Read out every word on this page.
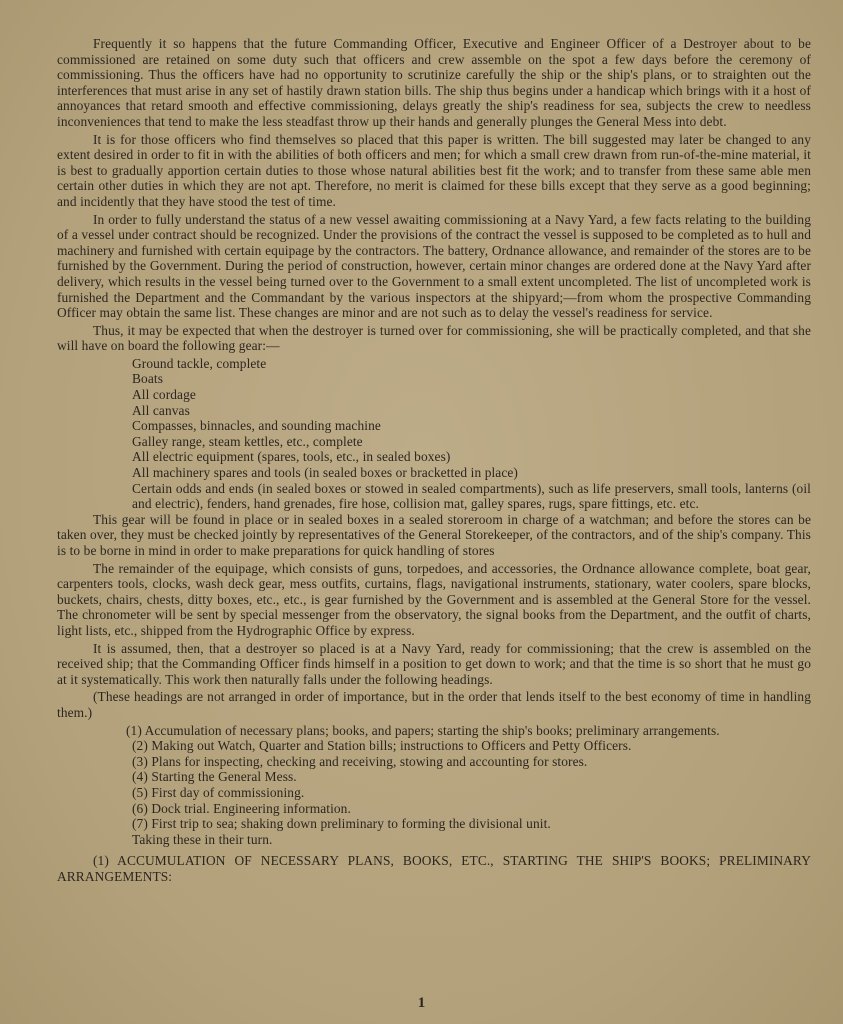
Frequently it so happens that the future Commanding Officer, Executive and Engineer Officer of a Destroyer about to be commissioned are retained on some duty such that officers and crew assemble on the spot a few days before the ceremony of commissioning. Thus the officers have had no opportunity to scrutinize carefully the ship or the ship's plans, or to straighten out the interferences that must arise in any set of hastily drawn station bills. The ship thus begins under a handicap which brings with it a host of annoyances that retard smooth and effective commissioning, delays greatly the ship's readiness for sea, subjects the crew to needless inconveniences that tend to make the less steadfast throw up their hands and generally plunges the General Mess into debt.

It is for those officers who find themselves so placed that this paper is written. The bill suggested may later be changed to any extent desired in order to fit in with the abilities of both officers and men; for which a small crew drawn from run-of-the-mine material, it is best to gradually apportion certain duties to those whose natural abilities best fit the work; and to transfer from these same able men certain other duties in which they are not apt. Therefore, no merit is claimed for these bills except that they serve as a good beginning; and incidently that they have stood the test of time.

In order to fully understand the status of a new vessel awaiting commissioning at a Navy Yard, a few facts relating to the building of a vessel under contract should be recognized. Under the provisions of the contract the vessel is supposed to be completed as to hull and machinery and furnished with certain equipage by the contractors. The battery, Ordnance allowance, and remainder of the stores are to be furnished by the Government. During the period of construction, however, certain minor changes are ordered done at the Navy Yard after delivery, which results in the vessel being turned over to the Government to a small extent uncompleted. The list of uncompleted work is furnished the Department and the Commandant by the various inspectors at the shipyard;—from whom the prospective Commanding Officer may obtain the same list. These changes are minor and are not such as to delay the vessel's readiness for service.

Thus, it may be expected that when the destroyer is turned over for commissioning, she will be practically completed, and that she will have on board the following gear:—

Ground tackle, complete
Boats
All cordage
All canvas
Compasses, binnacles, and sounding machine
Galley range, steam kettles, etc., complete
All electric equipment (spares, tools, etc., in sealed boxes)
All machinery spares and tools (in sealed boxes or bracketted in place)
Certain odds and ends (in sealed boxes or stowed in sealed compartments), such as life preservers, small tools, lanterns (oil and electric), fenders, hand grenades, fire hose, collision mat, galley spares, rugs, spare fittings, etc. etc.

This gear will be found in place or in sealed boxes in a sealed storeroom in charge of a watchman; and before the stores can be taken over, they must be checked jointly by representatives of the General Storekeeper, of the contractors, and of the ship's company. This is to be borne in mind in order to make preparations for quick handling of stores

The remainder of the equipage, which consists of guns, torpedoes, and accessories, the Ordnance allowance complete, boat gear, carpenters tools, clocks, wash deck gear, mess outfits, curtains, flags, navigational instruments, stationary, water coolers, spare blocks, buckets, chairs, chests, ditty boxes, etc., etc., is gear furnished by the Government and is assembled at the General Store for the vessel. The chronometer will be sent by special messenger from the observatory, the signal books from the Department, and the outfit of charts, light lists, etc., shipped from the Hydrographic Office by express.

It is assumed, then, that a destroyer so placed is at a Navy Yard, ready for commissioning; that the crew is assembled on the received ship; that the Commanding Officer finds himself in a position to get down to work; and that the time is so short that he must go at it systematically. This work then naturally falls under the following headings.

(These headings are not arranged in order of importance, but in the order that lends itself to the best economy of time in handling them.)

(1) Accumulation of necessary plans; books, and papers; starting the ship's books; preliminary arrangements.
(2) Making out Watch, Quarter and Station bills; instructions to Officers and Petty Officers.
(3) Plans for inspecting, checking and receiving, stowing and accounting for stores.
(4) Starting the General Mess.
(5) First day of commissioning.
(6) Dock trial. Engineering information.
(7) First trip to sea; shaking down preliminary to forming the divisional unit.
Taking these in their turn.

(1) ACCUMULATION OF NECESSARY PLANS, BOOKS, ETC., STARTING THE SHIP'S BOOKS; PRELIMINARY ARRANGEMENTS:

1
